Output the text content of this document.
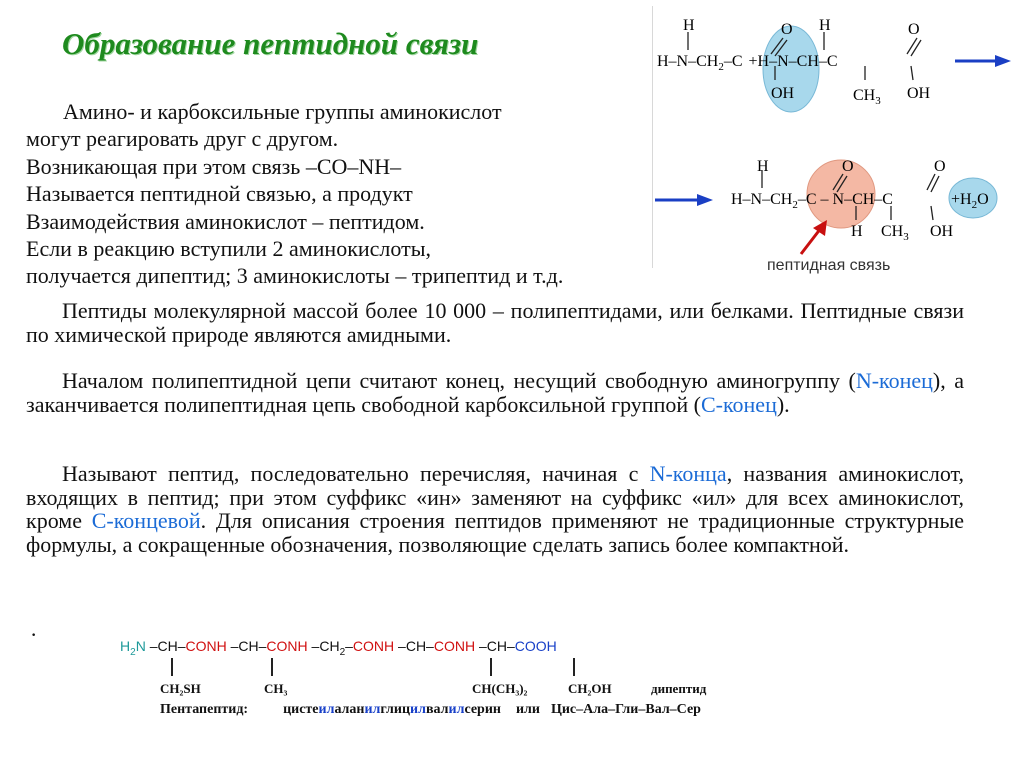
Образование пептидной связи
Амино- и карбоксильные группы аминокислот
могут реагировать друг с другом.
Возникающая при этом связь –CO–NH–
Называется пептидной связью, а продукт
Взаимодействия аминокислот – пептидом.
Если в реакцию вступили 2 аминокислоты,
получается дипептид; 3 аминокислоты – трипептид и т.д.
H	O H	O
$H-N-CH_2-C +H-N-CH-C$
OH	$CH_3$ OH
H	O	O
$H-N-CH_2-C - N-CH-C$
H $CH_3$ OH
$+H_2O$
пептидная связь

Пептиды молекулярной массой более 10 000 – полипептидами, или белками. Пептидные связи по химической природе являются амидными.

Началом полипептидной цепи считают конец, несущий свободную аминогруппу (N-конец), а заканчивается полипептидная цепь свободной карбоксильной группой (C-конец).

Называют пептид, последовательно перечисляя, начиная с N-конца, названия аминокислот, входящих в пептид; при этом суффикс «ин» заменяют на суффикс «ил» для всех аминокислот, кроме C-концевой. Для описания строения пептидов применяют не традиционные структурные формулы, а сокращенные обозначения, позволяющие сделать запись более компактной.

·	$H_2N$ –CH–CONH –CH–CONH $-CH_2$–CONH –CH–CONH –CH–COOH
CH₂SH	CH₃	CH(CH₃)₂	CH₂OH	дипептид
Пентапептид:	цистеилаланилглицилвалилсерин или Цис–Ала–Гли–Вал–Сер
